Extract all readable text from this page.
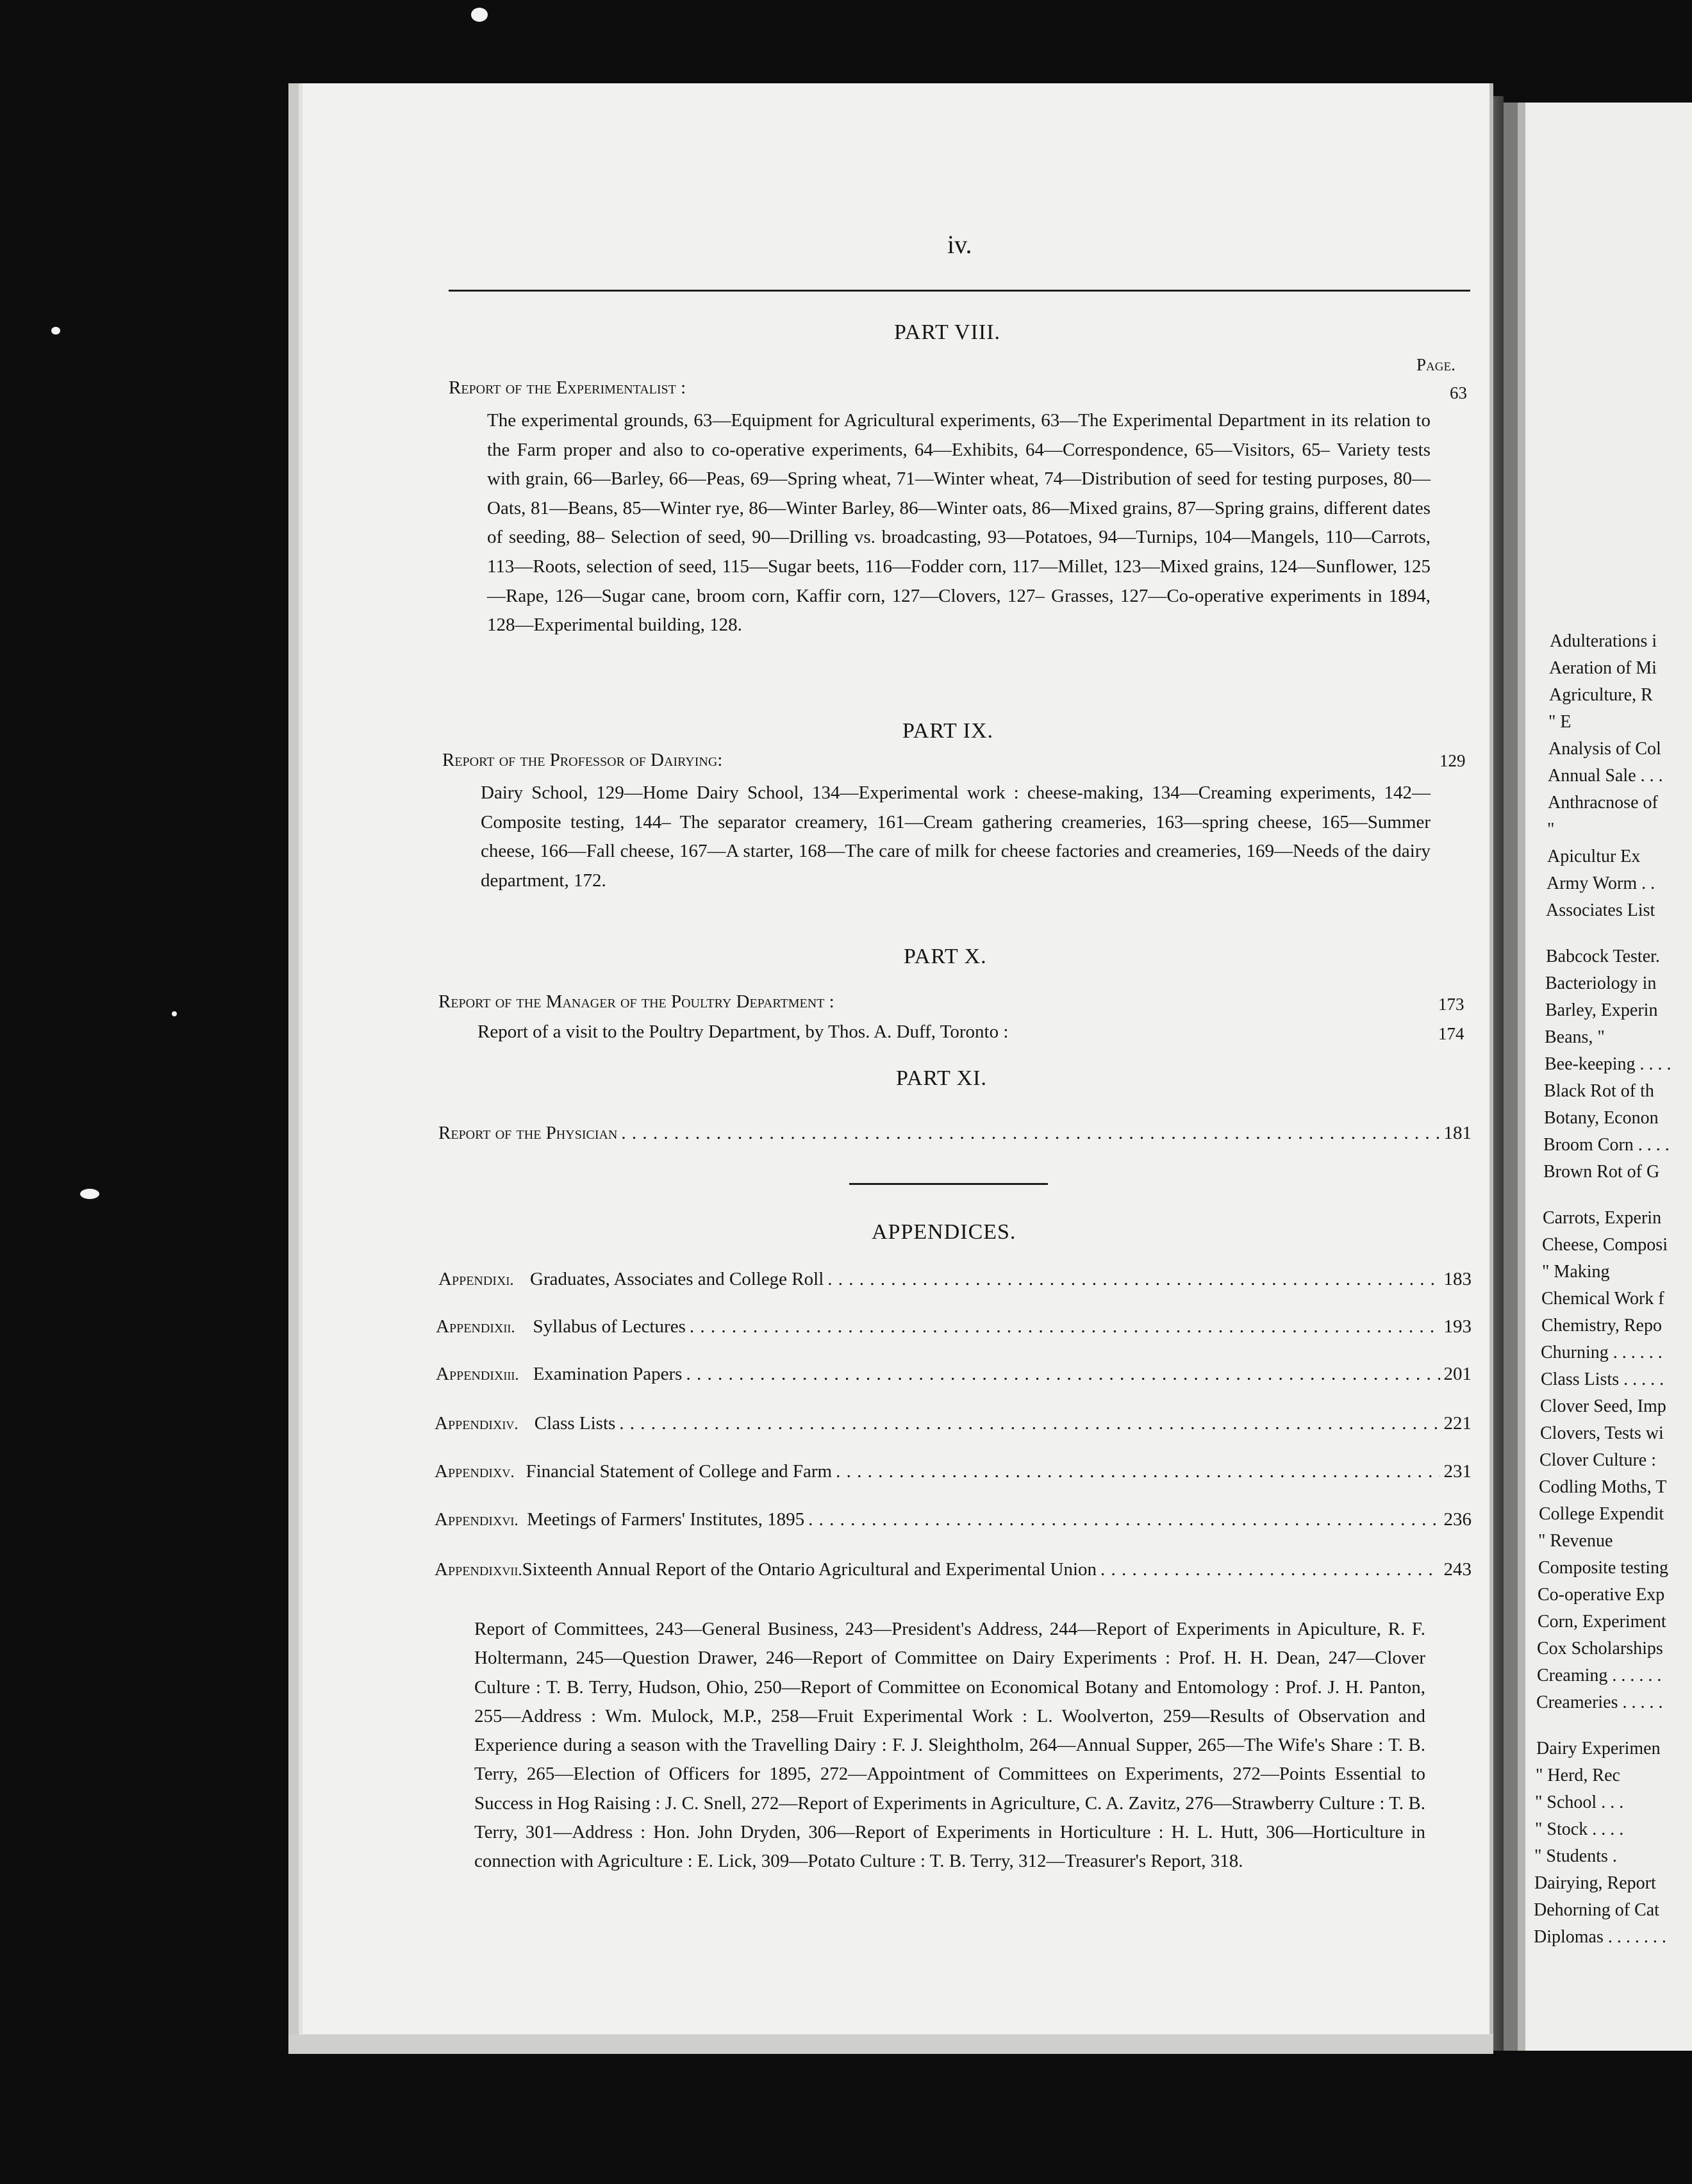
iv.
PART VIII.
Page.
Report of the Experimentalist :	63
The experimental grounds, 63—Equipment for Agricultural experiments, 63—The Experimental Department in its relation to the Farm proper and also to co-operative experiments, 64—Exhibits, 64—Correspondence, 65—Visitors, 65– Variety tests with grain, 66—Barley, 66—Peas, 69—Spring wheat, 71—Winter wheat, 74—Distribution of seed for testing purposes, 80—Oats, 81—Beans, 85—Winter rye, 86—Winter Barley, 86—Winter oats, 86—Mixed grains, 87—Spring grains, different dates of seeding, 88– Selection of seed, 90—Drilling vs. broadcasting, 93—Potatoes, 94—Turnips, 104—Mangels, 110—Carrots, 113—Roots, selection of seed, 115—Sugar beets, 116—Fodder corn, 117—Millet, 123—Mixed grains, 124—Sunflower, 125—Rape, 126—Sugar cane, broom corn, Kaffir corn, 127—Clovers, 127– Grasses, 127—Co-operative experiments in 1894, 128—Experimental building, 128.
PART IX.
Report of the Professor of Dairying:	129
Dairy School, 129—Home Dairy School, 134—Experimental work : cheese-making, 134—Creaming experiments, 142—Composite testing, 144– The separator creamery, 161—Cream gathering creameries, 163—spring cheese, 165—Summer cheese, 166—Fall cheese, 167—A starter, 168—The care of milk for cheese factories and creameries, 169—Needs of the dairy department, 172.
PART X.
Report of the Manager of the Poultry Department :	173
Report of a visit to the Poultry Department, by Thos. A. Duff, Toronto :	174
PART XI.
Report of the Physician . . .	181
APPENDICES.
Appendix i. Graduates, Associates and College Roll . . .	183
Appendix ii. Syllabus of Lectures . . .	193
Appendix iii. Examination Papers . . .	201
Appendix iv. Class Lists . . .	221
Appendix v. Financial Statement of College and Farm . . .	231
Appendix vi. Meetings of Farmers' Institutes, 1895 . . .	236
Appendix vii. Sixteenth Annual Report of the Ontario Agricultural and Experimental Union . . .	243
Report of Committees, 243—General Business, 243—President's Address, 244—Report of Experiments in Apiculture, R. F. Holtermann, 245—Question Drawer, 246—Report of Committee on Dairy Experiments : Prof. H. H. Dean, 247—Clover Culture : T. B. Terry, Hudson, Ohio, 250—Report of Committee on Economical Botany and Entomology : Prof. J. H. Panton, 255—Address : Wm. Mulock, M.P., 258—Fruit Experimental Work : L. Woolverton, 259—Results of Observation and Experience during a season with the Travelling Dairy : F. J. Sleightholm, 264—Annual Supper, 265—The Wife's Share : T. B. Terry, 265—Election of Officers for 1895, 272—Appointment of Committees on Experiments, 272—Points Essential to Success in Hog Raising : J. C. Snell, 272—Report of Experiments in Agriculture, C. A. Zavitz, 276—Strawberry Culture : T. B. Terry, 301—Address : Hon. John Dryden, 306—Report of Experiments in Horticulture : H. L. Hutt, 306—Horticulture in connection with Agriculture : E. Lick, 309—Potato Culture : T. B. Terry, 312—Treasurer's Report, 318.
Adulterations i
Aeration of Mi
Agriculture, R
" E
Analysis of Col
Annual Sale . . .
Anthracnose of
"
Apicultur Ex
Army Worm . .
Associates List
Babcock Tester.
Bacteriology in
Barley, Experin
Beans, "
Bee-keeping . . . .
Black Rot of th
Botany, Econon
Broom Corn . . . .
Brown Rot of G
Carrots, Experin
Cheese, Composi
" Making
Chemical Work f
Chemistry, Repo
Churning . . . . . .
Class Lists . . . . .
Clover Seed, Imp
Clovers, Tests wi
Clover Culture :
Codling Moths, T
College Expendit
" Revenue
Composite testing
Co-operative Exp
Corn, Experiment
Cox Scholarships
Creaming . . . . . .
Creameries . . . . .
Dairy Experimen
" Herd, Rec
" School . . .
" Stock . . . .
" Students .
Dairying, Report
Dehorning of Cat
Diplomas . . . . . . .
